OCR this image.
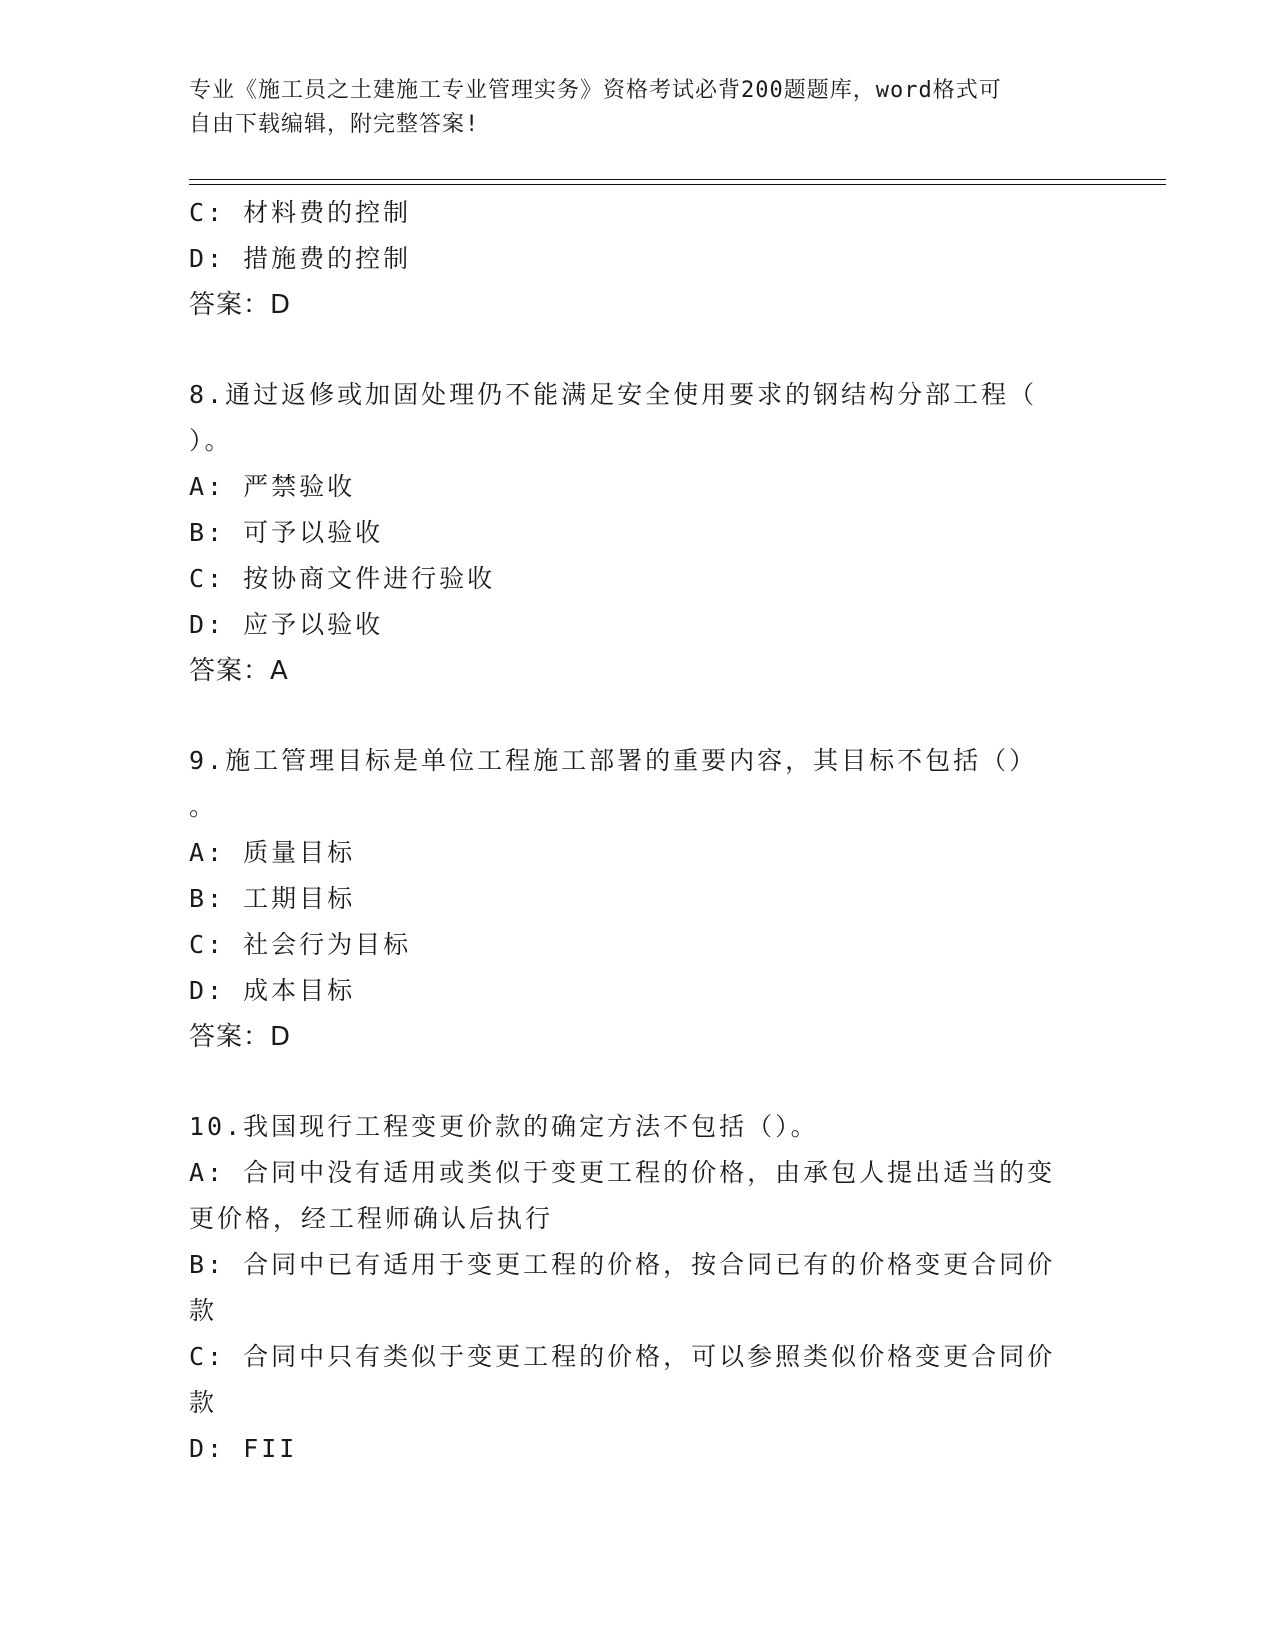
专业《施工员之土建施工专业管理实务》资格考试必背200题题库，word格式可
自由下载编辑，附完整答案!
C: 材料费的控制
D: 措施费的控制
答案：D
8.通过返修或加固处理仍不能满足安全使用要求的钢结构分部工程（
）。
A: 严禁验收
B: 可予以验收
C: 按协商文件进行验收
D: 应予以验收
答案：A
9.施工管理目标是单位工程施工部署的重要内容，其目标不包括（）
。
A: 质量目标
B: 工期目标
C: 社会行为目标
D: 成本目标
答案：D
10.我国现行工程变更价款的确定方法不包括（）。
A: 合同中没有适用或类似于变更工程的价格，由承包人提出适当的变
更价格，经工程师确认后执行
B: 合同中已有适用于变更工程的价格，按合同已有的价格变更合同价
款
C: 合同中只有类似于变更工程的价格，可以参照类似价格变更合同价
款
D: FII
